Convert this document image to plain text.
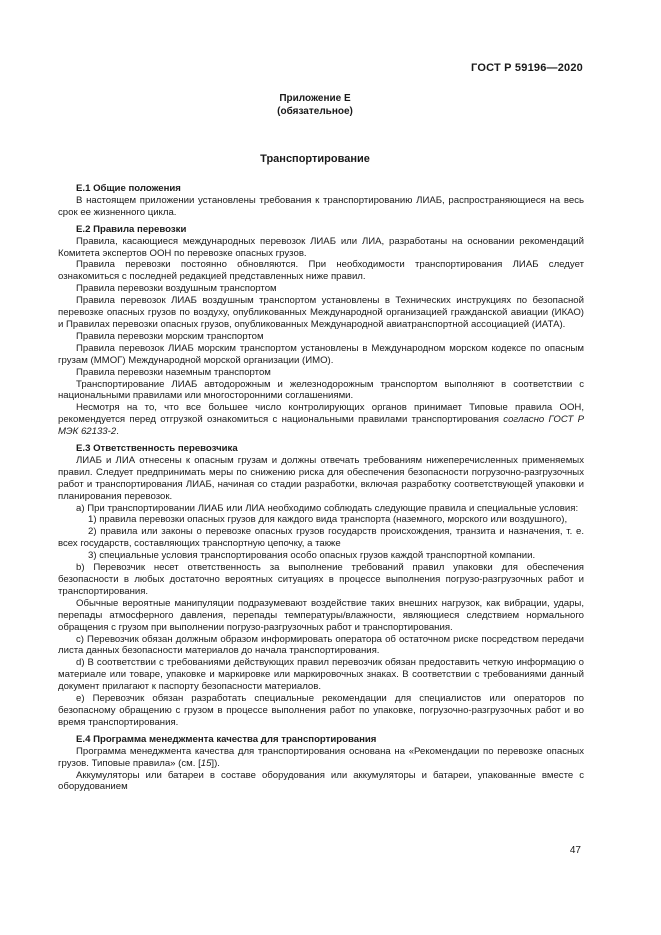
ГОСТ Р 59196—2020
Приложение Е
(обязательное)
Транспортирование
Е.1 Общие положения

В настоящем приложении установлены требования к транспортированию ЛИАБ, распространяющиеся на весь срок ее жизненного цикла.

Е.2 Правила перевозки

Правила, касающиеся международных перевозок ЛИАБ или ЛИА, разработаны на основании рекомендаций Комитета экспертов ООН по перевозке опасных грузов.

Правила перевозки постоянно обновляются. При необходимости транспортирования ЛИАБ следует ознакомиться с последней редакцией представленных ниже правил.

Правила перевозки воздушным транспортом

Правила перевозок ЛИАБ воздушным транспортом установлены в Технических инструкциях по безопасной перевозке опасных грузов по воздуху, опубликованных Международной организацией гражданской авиации (ИКАО) и Правилах перевозки опасных грузов, опубликованных Международной авиатранспортной ассоциацией (ИАТА).

Правила перевозки морским транспортом

Правила перевозок ЛИАБ морским транспортом установлены в Международном морском кодексе по опасным грузам (ММОГ) Международной морской организации (ИМО).

Правила перевозки наземным транспортом

Транспортирование ЛИАБ автодорожным и железнодорожным транспортом выполняют в соответствии с национальными правилами или многосторонними соглашениями.

Несмотря на то, что все большее число контролирующих органов принимает Типовые правила ООН, рекомендуется перед отгрузкой ознакомиться с национальными правилами транспортирования согласно ГОСТ Р МЭК 62133-2.

Е.3 Ответственность перевозчика

ЛИАБ и ЛИА отнесены к опасным грузам и должны отвечать требованиям нижеперечисленных применяемых правил. Следует предпринимать меры по снижению риска для обеспечения безопасности погрузочно-разгрузочных работ и транспортирования ЛИАБ, начиная со стадии разработки, включая разработку соответствующей упаковки и планирования перевозок.

а) При транспортировании ЛИАБ или ЛИА необходимо соблюдать следующие правила и специальные условия:

1) правила перевозки опасных грузов для каждого вида транспорта (наземного, морского или воздушного),

2) правила или законы о перевозке опасных грузов государств происхождения, транзита и назначения, т. е. всех государств, составляющих транспортную цепочку, а также

3) специальные условия транспортирования особо опасных грузов каждой транспортной компании.

b) Перевозчик несет ответственность за выполнение требований правил упаковки для обеспечения безопасности в любых достаточно вероятных ситуациях в процессе выполнения погрузо-разгрузочных работ и транспортирования.

Обычные вероятные манипуляции подразумевают воздействие таких внешних нагрузок, как вибрации, удары, перепады атмосферного давления, перепады температуры/влажности, являющиеся следствием нормального обращения с грузом при выполнении погрузо-разгрузочных работ и транспортирования.

с) Перевозчик обязан должным образом информировать оператора об остаточном риске посредством передачи листа данных безопасности материалов до начала транспортирования.

d) В соответствии с требованиями действующих правил перевозчик обязан предоставить четкую информацию о материале или товаре, упаковке и маркировке или маркировочных знаках. В соответствии с требованиями данный документ прилагают к паспорту безопасности материалов.

е) Перевозчик обязан разработать специальные рекомендации для специалистов или операторов по безопасному обращению с грузом в процессе выполнения работ по упаковке, погрузочно-разгрузочных работ и во время транспортирования.

Е.4 Программа менеджмента качества для транспортирования

Программа менеджмента качества для транспортирования основана на «Рекомендации по перевозке опасных грузов. Типовые правила» (см. [15]).

Аккумуляторы или батареи в составе оборудования или аккумуляторы и батареи, упакованные вместе с оборудованием

47
